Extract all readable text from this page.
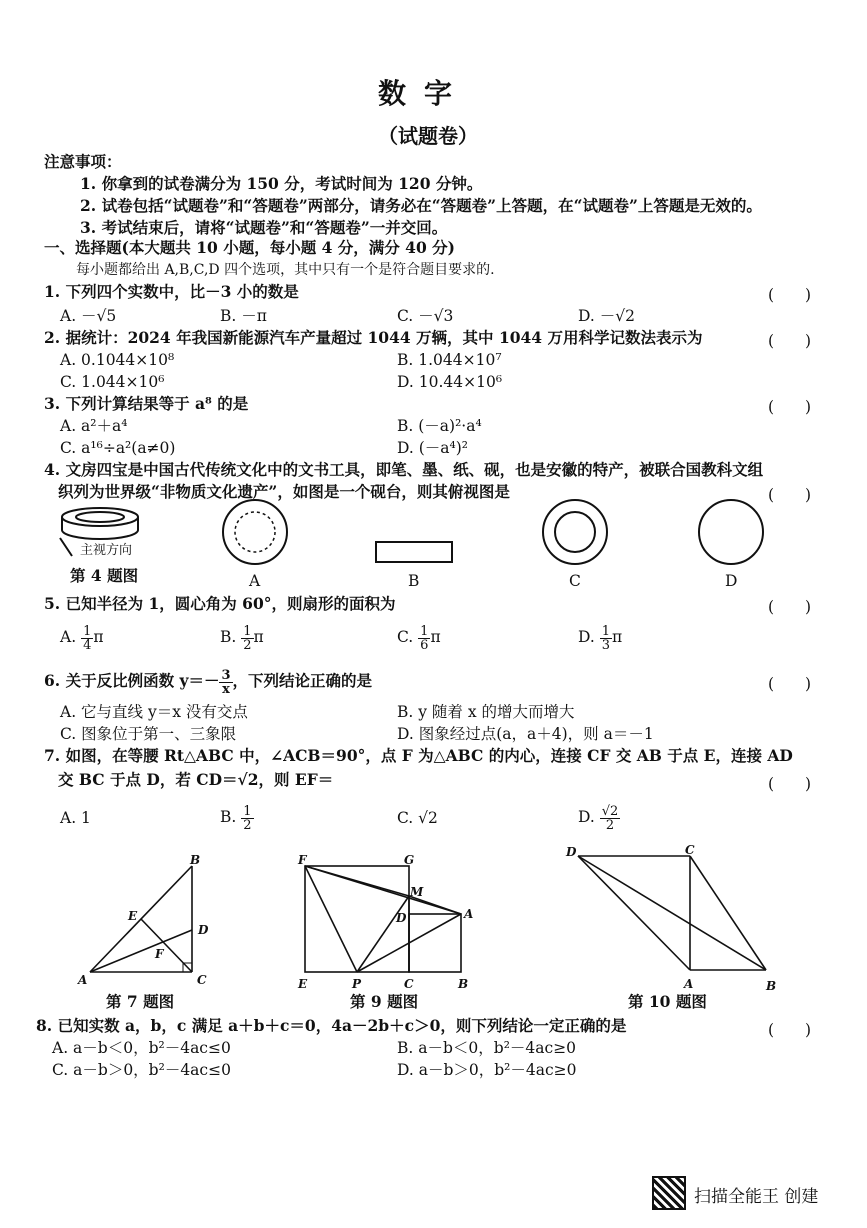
数字
（试题卷）
注意事项：
1. 你拿到的试卷满分为 150 分，考试时间为 120 分钟。
2. 试卷包括“试题卷”和“答题卷”两部分，请务必在“答题卷”上答题，在“试题卷”上答题是无效的。
3. 考试结束后，请将“试题卷”和“答题卷”一并交回。
一、选择题(本大题共 10 小题，每小题 4 分，满分 40 分)
每小题都给出 A,B,C,D 四个选项，其中只有一个是符合题目要求的.
1. 下列四个实数中，比－3 小的数是	(　　)
A. －√5	B. －π	C. －√3	D. －√2
2. 据统计：2024 年我国新能源汽车产量超过 1044 万辆，其中 1044 万用科学记数法表示为	(　　)
A. 0.1044×10⁸	B. 1.044×10⁷
C. 1.044×10⁶	D. 10.44×10⁶
3. 下列计算结果等于 a⁸ 的是	(　　)
A. a²＋a⁴	B. (－a)²·a⁴
C. a¹⁶÷a²(a≠0)	D. (－a⁴)²
4. 文房四宝是中国古代传统文化中的文书工具，即笔、墨、纸、砚，也是安徽的特产，被联合国教科文组
织列为世界级“非物质文化遗产”，如图是一个砚台，则其俯视图是	(　　)
主视方向
第 4 题图	A	B	C	D
5. 已知半径为 1，圆心角为 60°，则扇形的面积为	(　　)
A. $\frac{1}{4}$ π	B. $\frac{1}{2}$ π	C. $\frac{1}{6}$ π	D. $\frac{1}{3}$ π
6. 关于反比例函数 $y=- \frac{3}{x}$ ，下列结论正确的是	(　　)
A. 它与直线 y＝x 没有交点	B. y 随着 x 的增大而增大
C. 图象位于第一、三象限	D. 图象经过点(a，a＋4)，则 a＝－1
7. 如图，在等腰 Rt△ABC 中，∠ACB＝90°，点 F 为△ABC 的内心，连接 CF 交 AB 于点 E，连接 AD
交 BC 于点 D，若 CD＝√2，则 EF＝	(　　)
A. 1	B. $\frac{1}{2}$	C. √2	D. $\frac{√2}{2}$
B
E
D
F
A	C
第 7 题图
F	G
M
D	A
E	P	C	B
第 9 题图
D	C
A	B
第 10 题图
8. 已知实数 a，b，c 满足 a＋b＋c＝0，4a－2b＋c＞0，则下列结论一定正确的是	(　　)
A. a－b＜0，b²－4ac≤0	B. a－b＜0，b²－4ac≥0
C. a－b＞0，b²－4ac≤0	D. a－b＞0，b²－4ac≥0
扫描全能王 创建
